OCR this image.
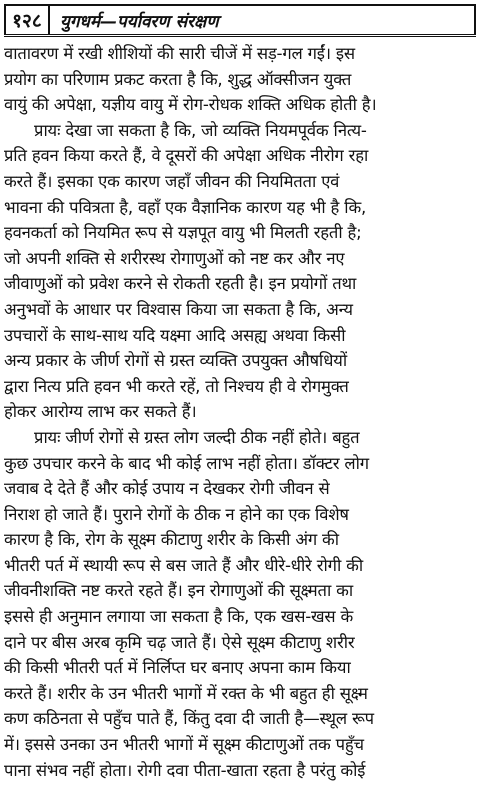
१२८	युगधर्म—पर्यावरण संरक्षण
वातावरण में रखी शीशियों की सारी चीजें में सड़-गल गईं। इस
प्रयोग का परिणाम प्रकट करता है कि, शुद्ध ऑक्सीजन युक्त
वायुं की अपेक्षा, यज्ञीय वायु में रोग-रोधक शक्ति अधिक होती है।
प्रायः देखा जा सकता है कि, जो व्यक्ति नियमपूर्वक नित्य-
प्रति हवन किया करते हैं, वे दूसरों की अपेक्षा अधिक नीरोग रहा
करते हैं। इसका एक कारण जहाँ जीवन की नियमितता एवं
भावना की पवित्रता है, वहाँ एक वैज्ञानिक कारण यह भी है कि,
हवनकर्ता को नियमित रूप से यज्ञपूत वायु भी मिलती रहती है;
जो अपनी शक्ति से शरीरस्थ रोगाणुओं को नष्ट कर और नए
जीवाणुओं को प्रवेश करने से रोकती रहती है। इन प्रयोगों तथा
अनुभवों के आधार पर विश्वास किया जा सकता है कि, अन्य
उपचारों के साथ-साथ यदि यक्ष्मा आदि असह्य अथवा किसी
अन्य प्रकार के जीर्ण रोगों से ग्रस्त व्यक्ति उपयुक्त औषधियों
द्वारा नित्य प्रति हवन भी करते रहें, तो निश्चय ही वे रोगमुक्त
होकर आरोग्य लाभ कर सकते हैं।
प्रायः जीर्ण रोगों से ग्रस्त लोग जल्दी ठीक नहीं होते। बहुत
कुछ उपचार करने के बाद भी कोई लाभ नहीं होता। डॉक्टर लोग
जवाब दे देते हैं और कोई उपाय न देखकर रोगी जीवन से
निराश हो जाते हैं। पुराने रोगों के ठीक न होने का एक विशेष
कारण है कि, रोग के सूक्ष्म कीटाणु शरीर के किसी अंग की
भीतरी पर्त में स्थायी रूप से बस जाते हैं और धीरे-धीरे रोगी की
जीवनीशक्ति नष्ट करते रहते हैं। इन रोगाणुओं की सूक्ष्मता का
इससे ही अनुमान लगाया जा सकता है कि, एक खस-खस के
दाने पर बीस अरब कृमि चढ़ जाते हैं। ऐसे सूक्ष्म कीटाणु शरीर
की किसी भीतरी पर्त में निर्लिप्त घर बनाए अपना काम किया
करते हैं। शरीर के उन भीतरी भागों में रक्त के भी बहुत ही सूक्ष्म
कण कठिनता से पहुँच पाते हैं, किंतु दवा दी जाती है—स्थूल रूप
में। इससे उनका उन भीतरी भागों में सूक्ष्म कीटाणुओं तक पहुँच
पाना संभव नहीं होता। रोगी दवा पीता-खाता रहता है परंतु कोई
